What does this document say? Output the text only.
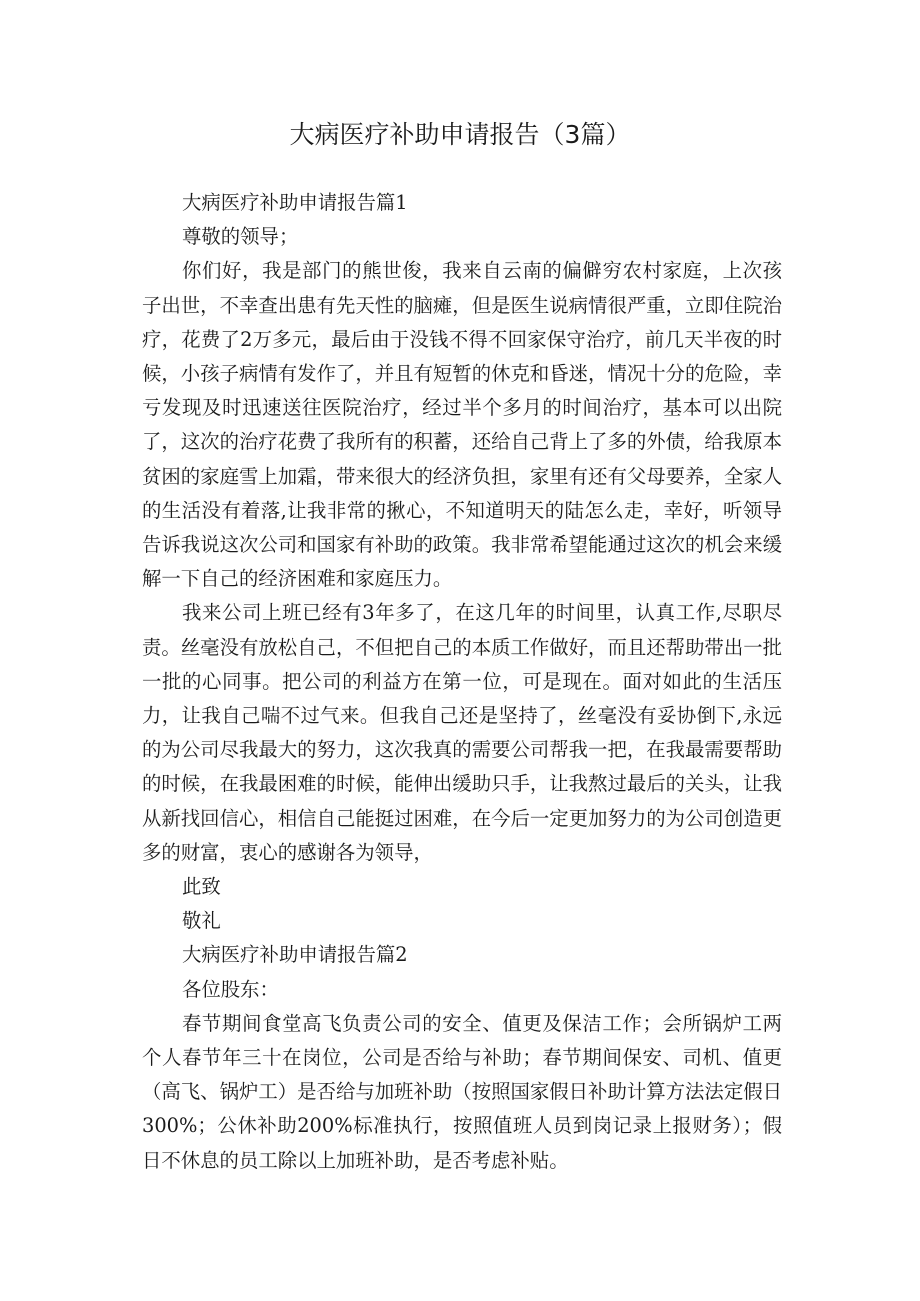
大病医疗补助申请报告（3篇）

大病医疗补助申请报告篇1

尊敬的领导；

你们好，我是部门的熊世俊，我来自云南的偏僻穷农村家庭，上次孩子出世，不幸查出患有先天性的脑瘫，但是医生说病情很严重，立即住院治疗，花费了2万多元，最后由于没钱不得不回家保守治疗，前几天半夜的时候，小孩子病情有发作了，并且有短暂的休克和昏迷，情况十分的危险，幸亏发现及时迅速送往医院治疗，经过半个多月的时间治疗，基本可以出院了，这次的治疗花费了我所有的积蓄，还给自己背上了多的外债，给我原本贫困的家庭雪上加霜，带来很大的经济负担，家里有还有父母要养，全家人的生活没有着落,让我非常的揪心，不知道明天的陆怎么走，幸好，听领导告诉我说这次公司和国家有补助的政策。我非常希望能通过这次的机会来缓解一下自己的经济困难和家庭压力。

我来公司上班已经有3年多了，在这几年的时间里，认真工作,尽职尽责。丝毫没有放松自己，不但把自己的本质工作做好，而且还帮助带出一批一批的心同事。把公司的利益方在第一位，可是现在。面对如此的生活压力，让我自己喘不过气来。但我自己还是坚持了，丝毫没有妥协倒下,永远的为公司尽我最大的努力，这次我真的需要公司帮我一把，在我最需要帮助的时候，在我最困难的时候，能伸出缓助只手，让我熬过最后的关头，让我从新找回信心，相信自己能挺过困难，在今后一定更加努力的为公司创造更多的财富，衷心的感谢各为领导，

此致

敬礼

大病医疗补助申请报告篇2

各位股东：

春节期间食堂高飞负责公司的安全、值更及保洁工作；会所锅炉工两个人春节年三十在岗位，公司是否给与补助；春节期间保安、司机、值更（高飞、锅炉工）是否给与加班补助（按照国家假日补助计算方法法定假日300%；公休补助200%标准执行，按照值班人员到岗记录上报财务）；假日不休息的员工除以上加班补助，是否考虑补贴。
